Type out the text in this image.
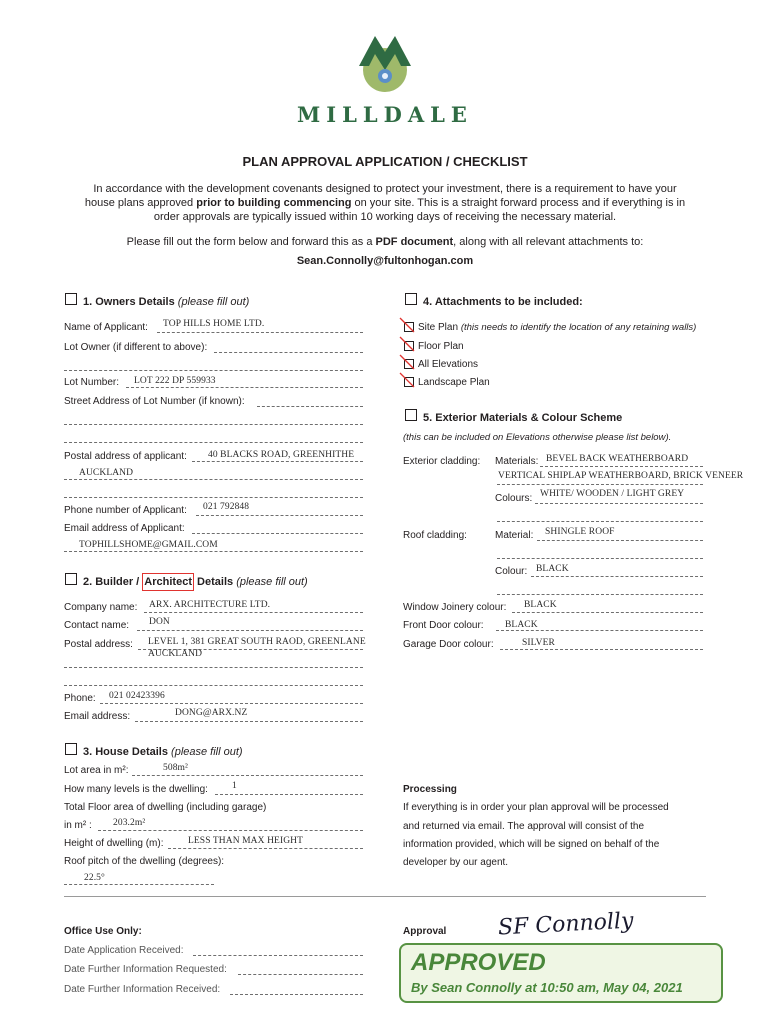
MILLDALE
PLAN APPROVAL APPLICATION / CHECKLIST
In accordance with the development covenants designed to protect your investment, there is a requirement to have your
house plans approved prior to building commencing on your site. This is a straight forward process and if everything is in
order approvals are typically issued within 10 working days of receiving the necessary material.
Please fill out the form below and forward this as a PDF document, along with all relevant attachments to:
Sean.Connolly@fultonhogan.com
1. Owners Details (please fill out)
Name of Applicant: TOP HILLS HOME LTD.
Lot Owner (if different to above):
Lot Number: LOT 222 DP 559933
Street Address of Lot Number (if known):
Postal address of applicant: 40 BLACKS ROAD, GREENHITHE
AUCKLAND
Phone number of Applicant: 021 792848
Email address of Applicant:
TOPHILLSHOME@GMAIL.COM
2. Builder / Architect Details (please fill out)
Company name: ARX. ARCHITECTURE LTD.
Contact name: DON
Postal address: LEVEL 1, 381 GREAT SOUTH RAOD, GREENLANE
AUCKLAND
Phone: 021 02423396
Email address:	DONG@ARX.NZ
3. House Details (please fill out)
Lot area in m²:	508m²
How many levels is the dwelling:	1
Total Floor area of dwelling (including garage)
in m² : 203.2m²
Height of dwelling (m):	LESS THAN MAX HEIGHT
Roof pitch of the dwelling (degrees):
22.5°
4. Attachments to be included:
Site Plan (this needs to identify the location of any retaining walls)
Floor Plan
All Elevations
Landscape Plan
5. Exterior Materials & Colour Scheme
(this can be included on Elevations otherwise please list below).
Exterior cladding: Materials: BEVEL BACK WEATHERBOARD
VERTICAL SHIPLAP WEATHERBOARD, BRICK VENEER
Colours: WHITE/ WOODEN / LIGHT GREY
Roof cladding:	Material: SHINGLE ROOF
Colour: BLACK
Window Joinery colour: BLACK
Front Door colour: BLACK
Garage Door colour:	SILVER
Processing
If everything is in order your plan approval will be processed
and returned via email. The approval will consist of the
information provided, which will be signed on behalf of the
developer by our agent.
Office Use Only:
Date Application Received:
Date Further Information Requested:
Date Further Information Received:
Approval SF Connolly
APPROVED
By Sean Connolly at 10:50 am, May 04, 2021
